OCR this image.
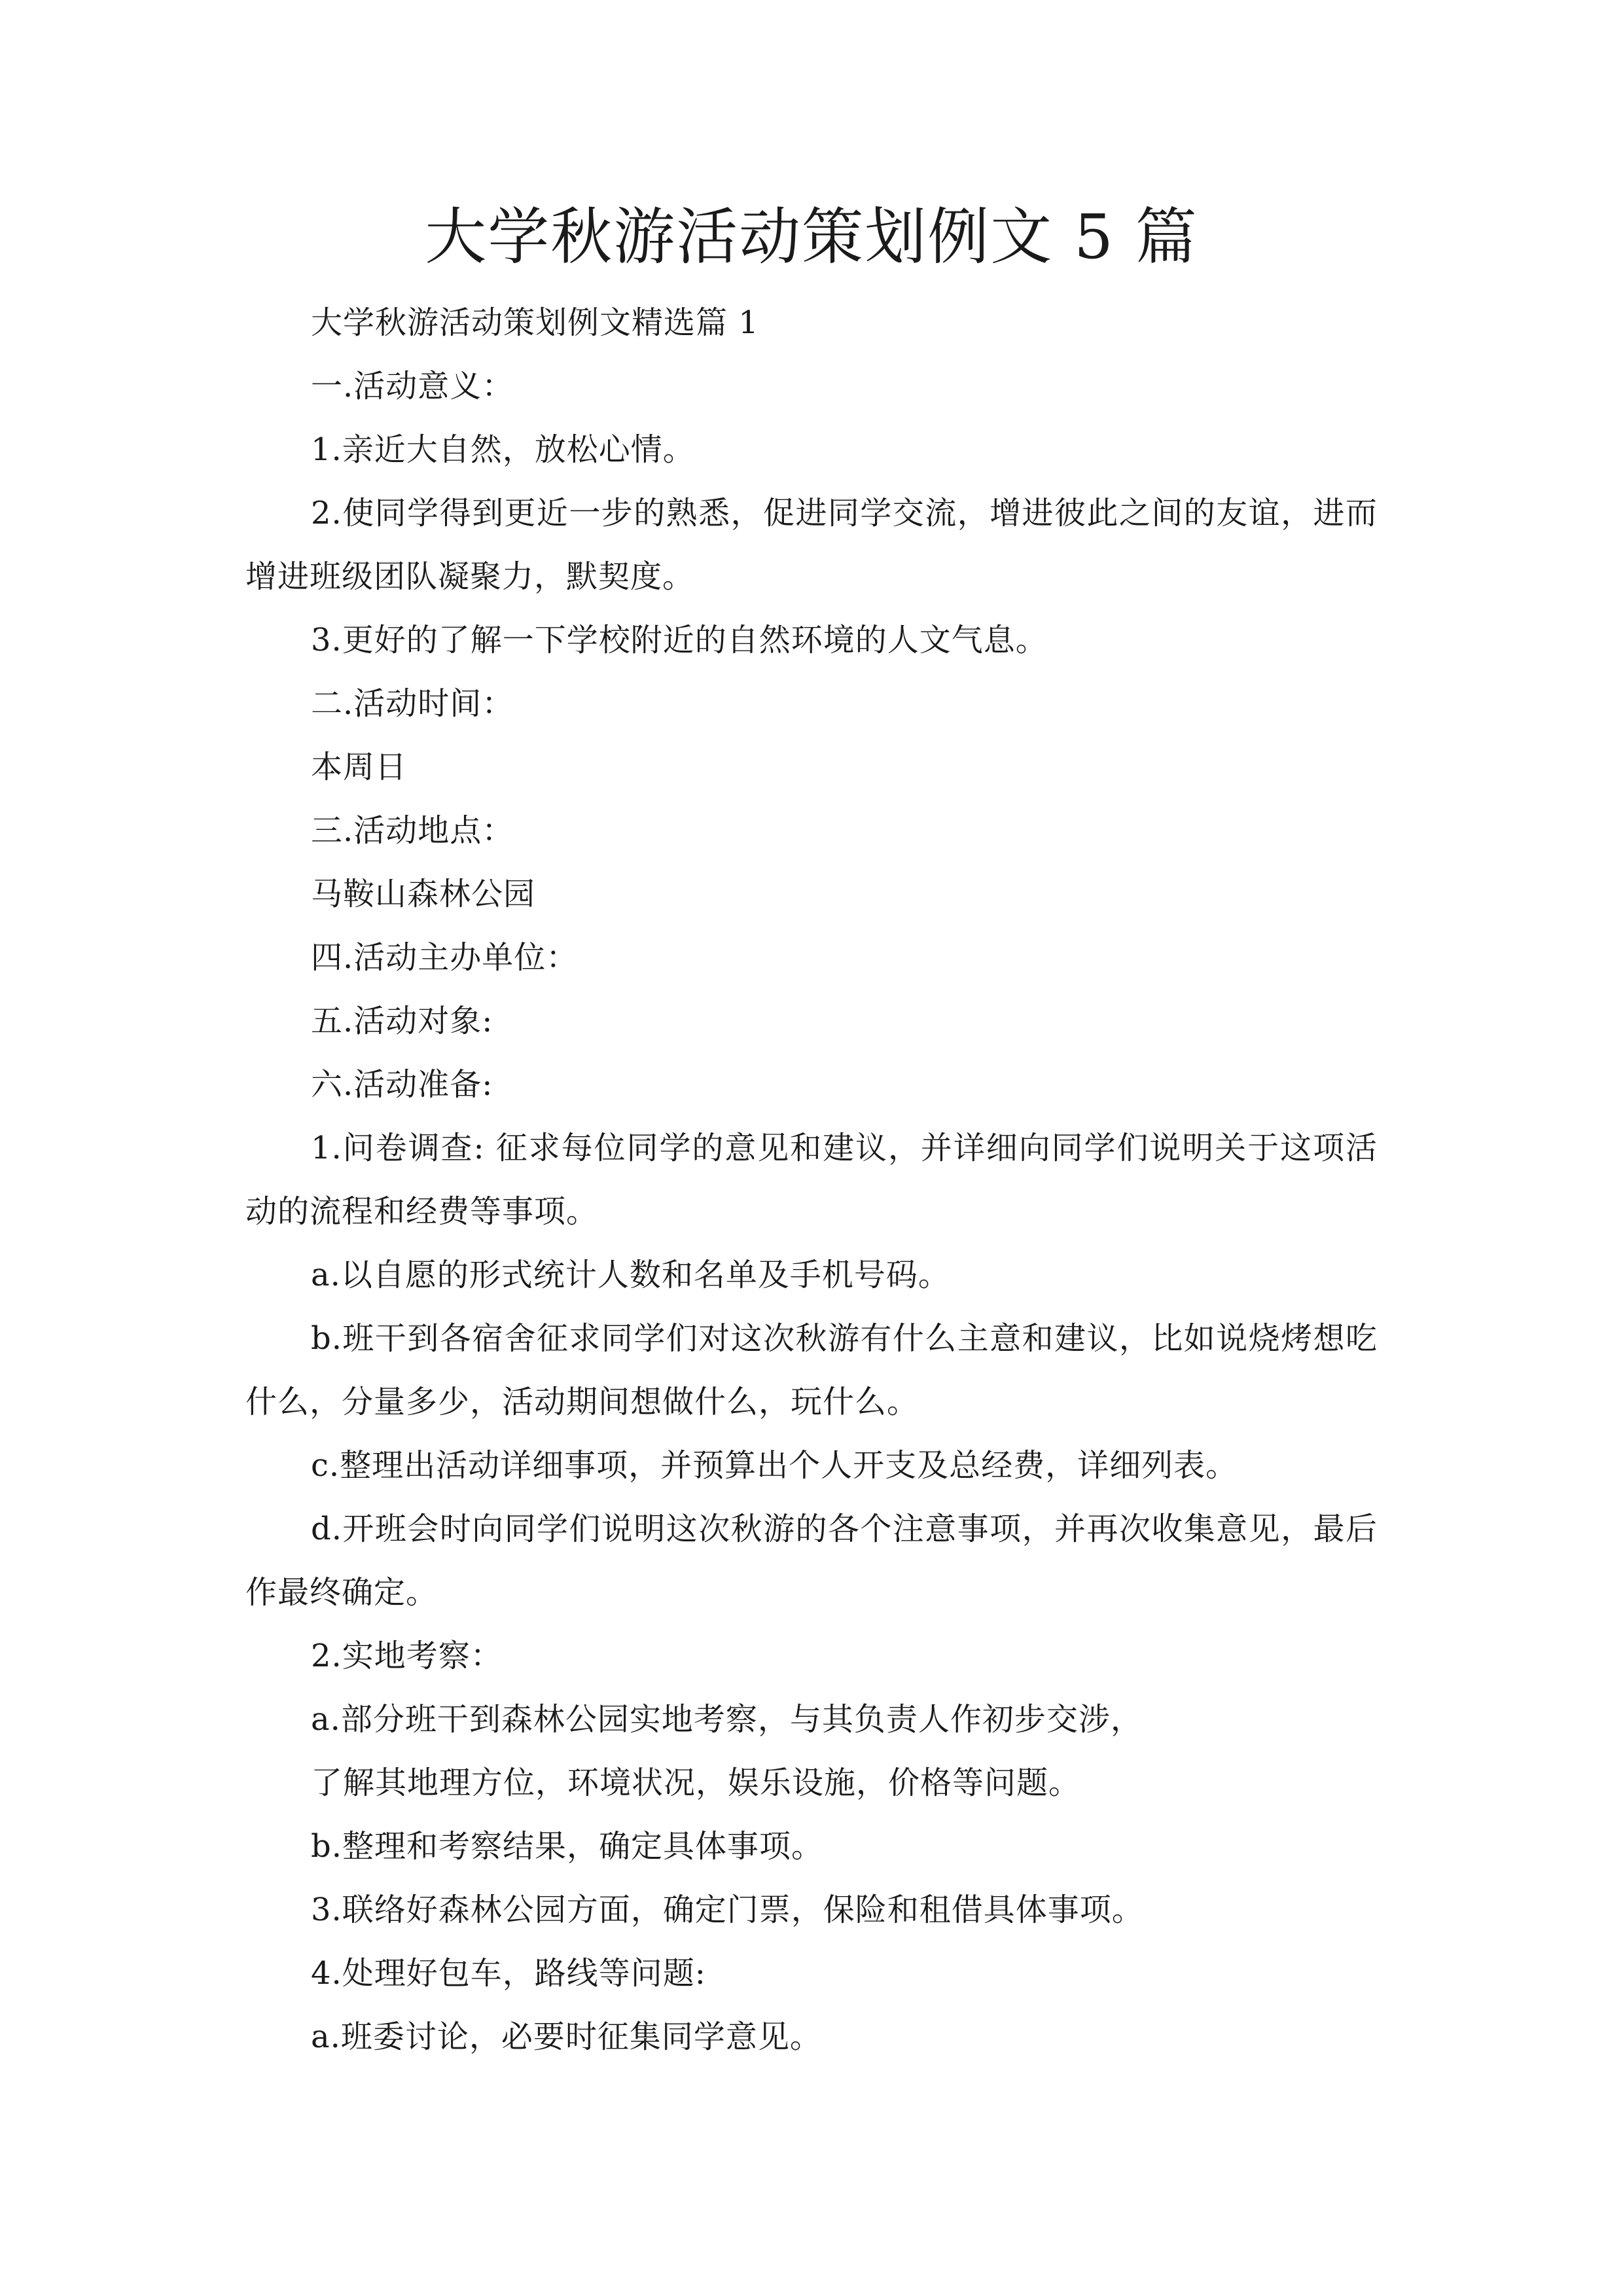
大学秋游活动策划例文 5 篇

大学秋游活动策划例文精选篇 1

一.活动意义：

1.亲近大自然，放松心情。

2.使同学得到更近一步的熟悉，促进同学交流，增进彼此之间的友谊，进而增进班级团队凝聚力，默契度。

3.更好的了解一下学校附近的自然环境的人文气息。

二.活动时间：

本周日

三.活动地点：

马鞍山森林公园

四.活动主办单位：

五.活动对象:

六.活动准备:

1.问卷调查: 征求每位同学的意见和建议，并详细向同学们说明关于这项活动的流程和经费等事项。

a.以自愿的形式统计人数和名单及手机号码。

b.班干到各宿舍征求同学们对这次秋游有什么主意和建议，比如说烧烤想吃什么，分量多少，活动期间想做什么，玩什么。

c.整理出活动详细事项，并预算出个人开支及总经费，详细列表。

d.开班会时向同学们说明这次秋游的各个注意事项，并再次收集意见，最后作最终确定。

2.实地考察：

a.部分班干到森林公园实地考察，与其负责人作初步交涉，

了解其地理方位，环境状况，娱乐设施，价格等问题。

b.整理和考察结果，确定具体事项。

3.联络好森林公园方面，确定门票，保险和租借具体事项。

4.处理好包车，路线等问题:

a.班委讨论，必要时征集同学意见。
